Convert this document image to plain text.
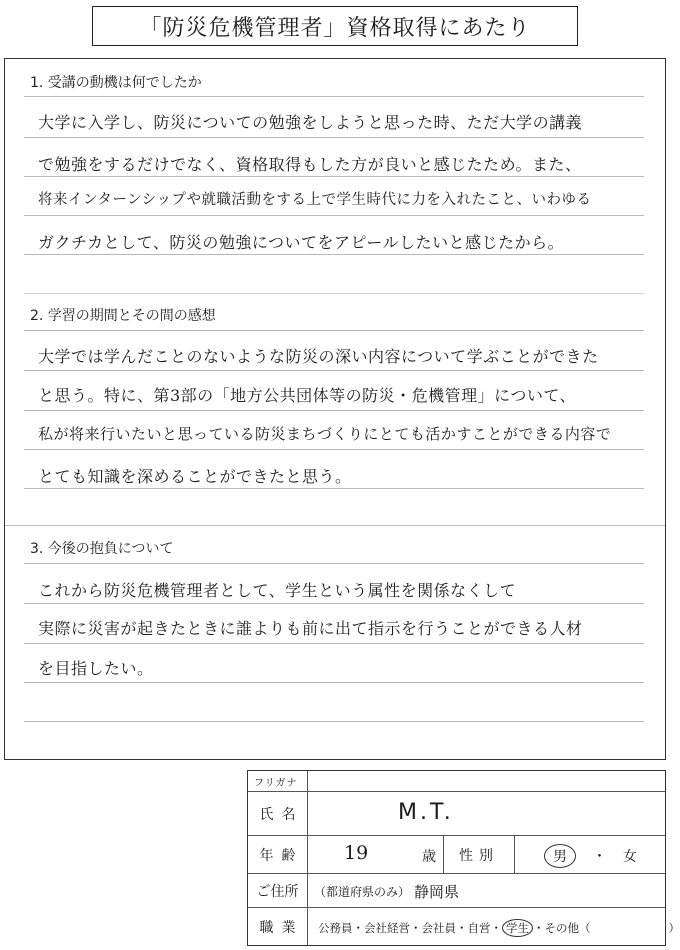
「防災危機管理者」資格取得にあたり
1. 受講の動機は何でしたか
大学に入学し、防災についての勉強をしようと思った時、ただ大学の講義
で勉強をするだけでなく、資格取得もした方が良いと感じたため。また、
将来インターンシップや就職活動をする上で学生時代に力を入れたこと、いわゆる
ガクチカとして、防災の勉強についてをアピールしたいと感じたから。
2. 学習の期間とその間の感想
大学では学んだことのないような防災の深い内容について学ぶことができた
と思う。特に、第3部の「地方公共団体等の防災・危機管理」について、
私が将来行いたいと思っている防災まちづくりにとても活かすことができる内容で
とても知識を深めることができたと思う。
3. 今後の抱負について
これから防災危機管理者として、学生という属性を関係なくして
実際に災害が起きたときに誰よりも前に出て指示を行うことができる人材
を目指したい。
フリガナ
氏名	M.T.
年齢 19	歳	性別	男 ・ 女
ご住所	（都道府県のみ） 静岡県
職業	公務員・会社経営・会社員・自営・ 学生 ・その他（	）
